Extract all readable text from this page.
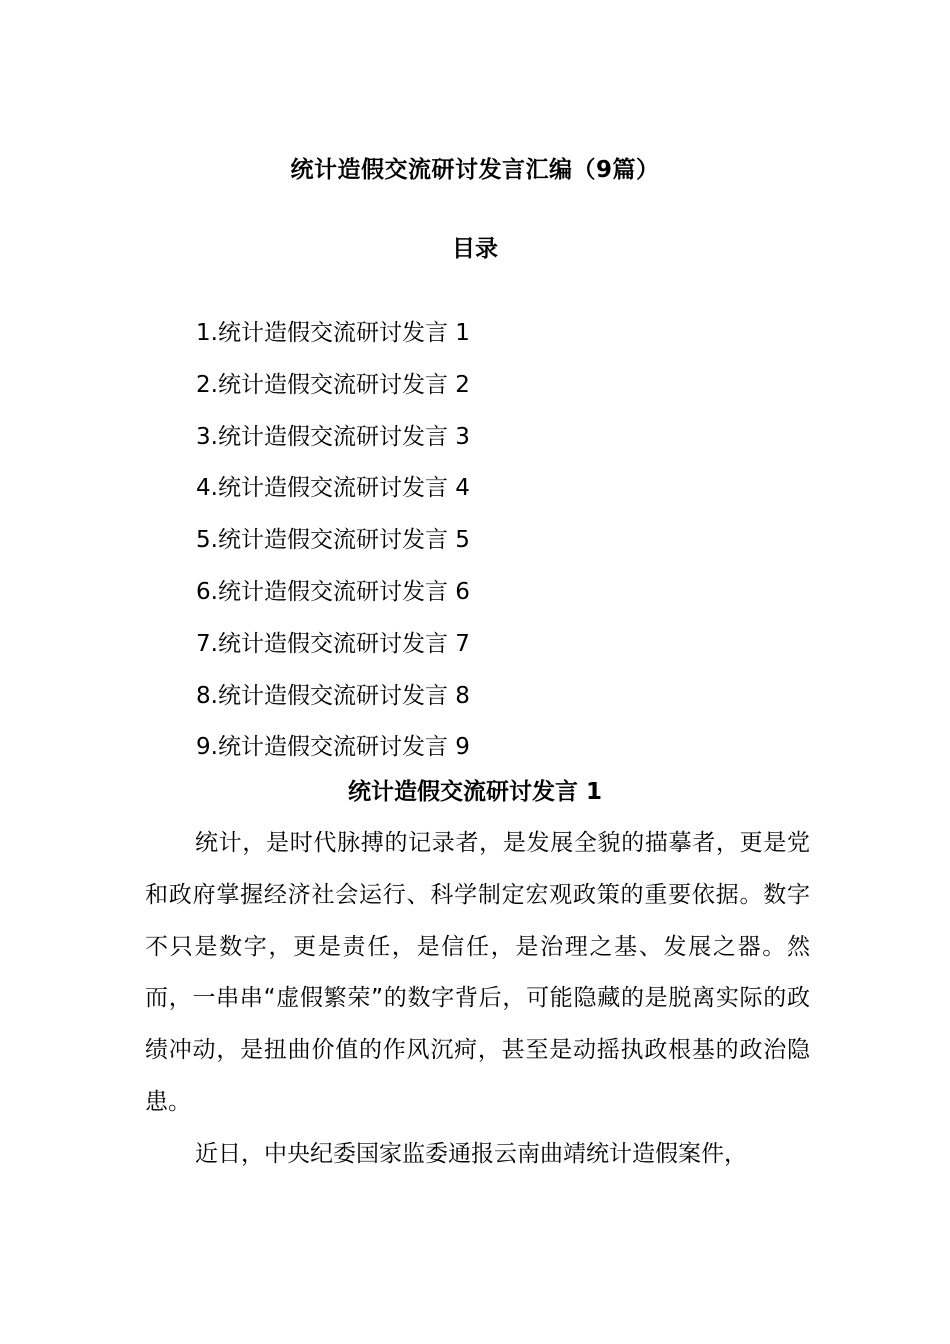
统计造假交流研讨发言汇编（9篇）
目录
1.统计造假交流研讨发言 1
2.统计造假交流研讨发言 2
3.统计造假交流研讨发言 3
4.统计造假交流研讨发言 4
5.统计造假交流研讨发言 5
6.统计造假交流研讨发言 6
7.统计造假交流研讨发言 7
8.统计造假交流研讨发言 8
9.统计造假交流研讨发言 9
统计造假交流研讨发言 1

统计，是时代脉搏的记录者，是发展全貌的描摹者，更是党和政府掌握经济社会运行、科学制定宏观政策的重要依据。数字不只是数字，更是责任，是信任，是治理之基、发展之器。然而，一串串“虚假繁荣”的数字背后，可能隐藏的是脱离实际的政绩冲动，是扭曲价值的作风沉疴，甚至是动摇执政根基的政治隐患。

近日，中央纪委国家监委通报云南曲靖统计造假案件，
